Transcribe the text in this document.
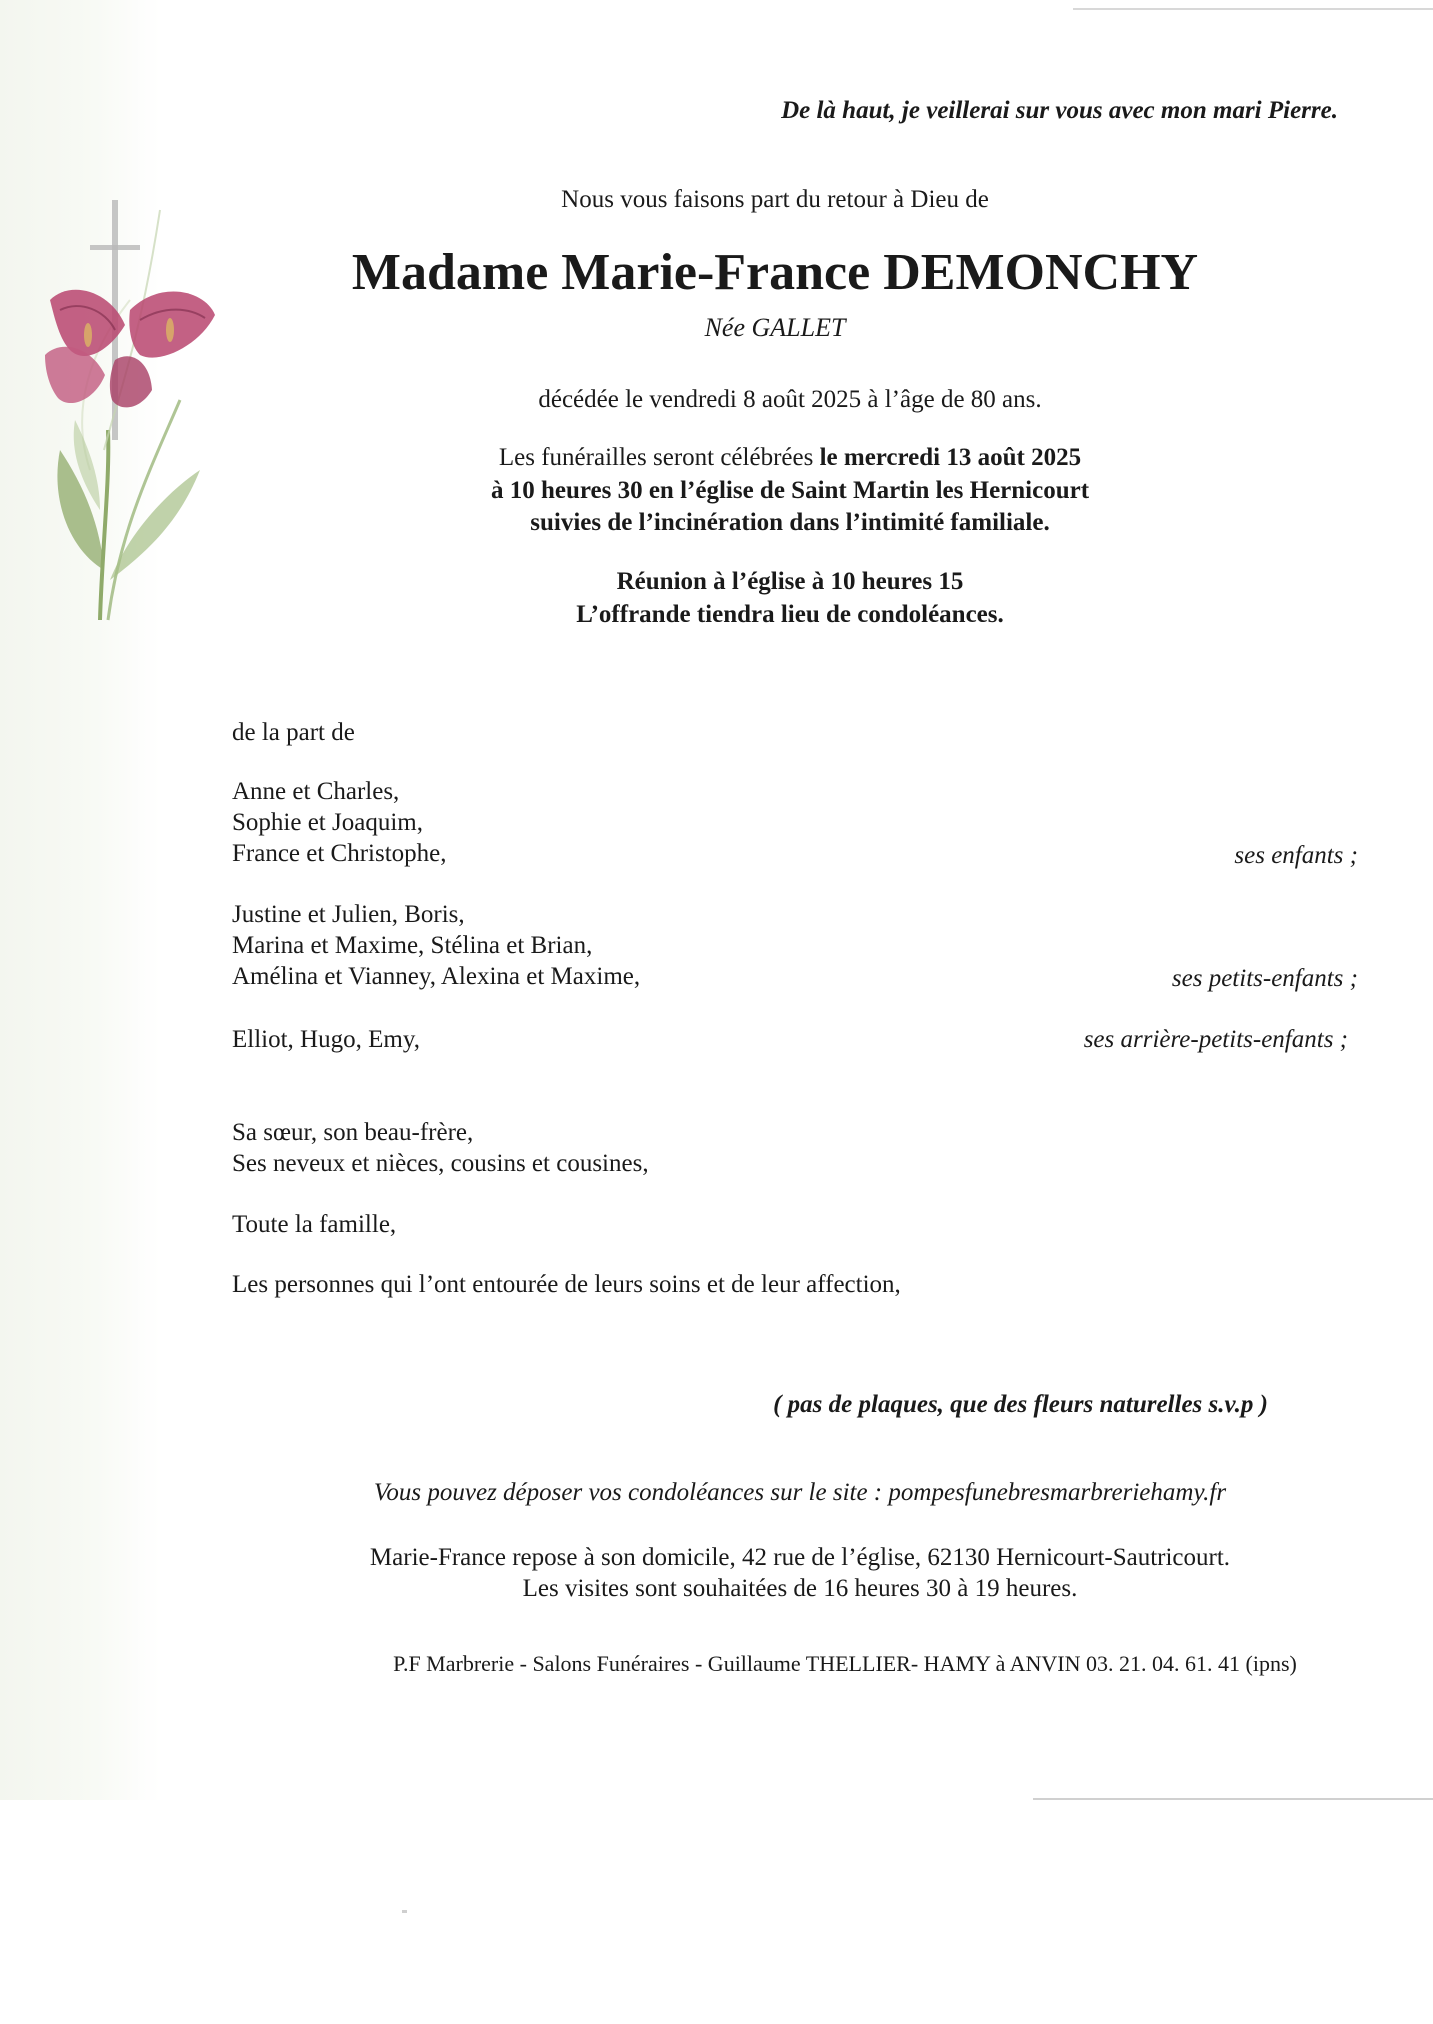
De là haut, je veillerai sur vous avec mon mari Pierre.
Nous vous faisons part du retour à Dieu de
Madame Marie-France DEMONCHY
Née GALLET
décédée le vendredi 8 août 2025 à l’âge de 80 ans.
Les funérailles seront célébrées le mercredi 13 août 2025
à 10 heures 30 en l’église de Saint Martin les Hernicourt
suivies de l’incinération dans l’intimité familiale.
Réunion à l’église à 10 heures 15
L’offrande tiendra lieu de condoléances.
de la part de
Anne et Charles,
Sophie et Joaquim,
France et Christophe,	ses enfants ;
Justine et Julien, Boris,
Marina et Maxime, Stélina et Brian,
Amélina et Vianney, Alexina et Maxime,	ses petits-enfants ;
Elliot, Hugo, Emy,	ses arrière-petits-enfants ;
Sa sœur, son beau-frère,
Ses neveux et nièces, cousins et cousines,
Toute la famille,
Les personnes qui l’ont entourée de leurs soins et de leur affection,
( pas de plaques, que des fleurs naturelles s.v.p )
Vous pouvez déposer vos condoléances sur le site : pompesfunebresmarbreriehamy.fr
Marie-France repose à son domicile, 42 rue de l’église, 62130 Hernicourt-Sautricourt.
Les visites sont souhaitées de 16 heures 30 à 19 heures.
P.F Marbrerie - Salons Funéraires - Guillaume THELLIER- HAMY à ANVIN 03. 21. 04. 61. 41 (ipns)
